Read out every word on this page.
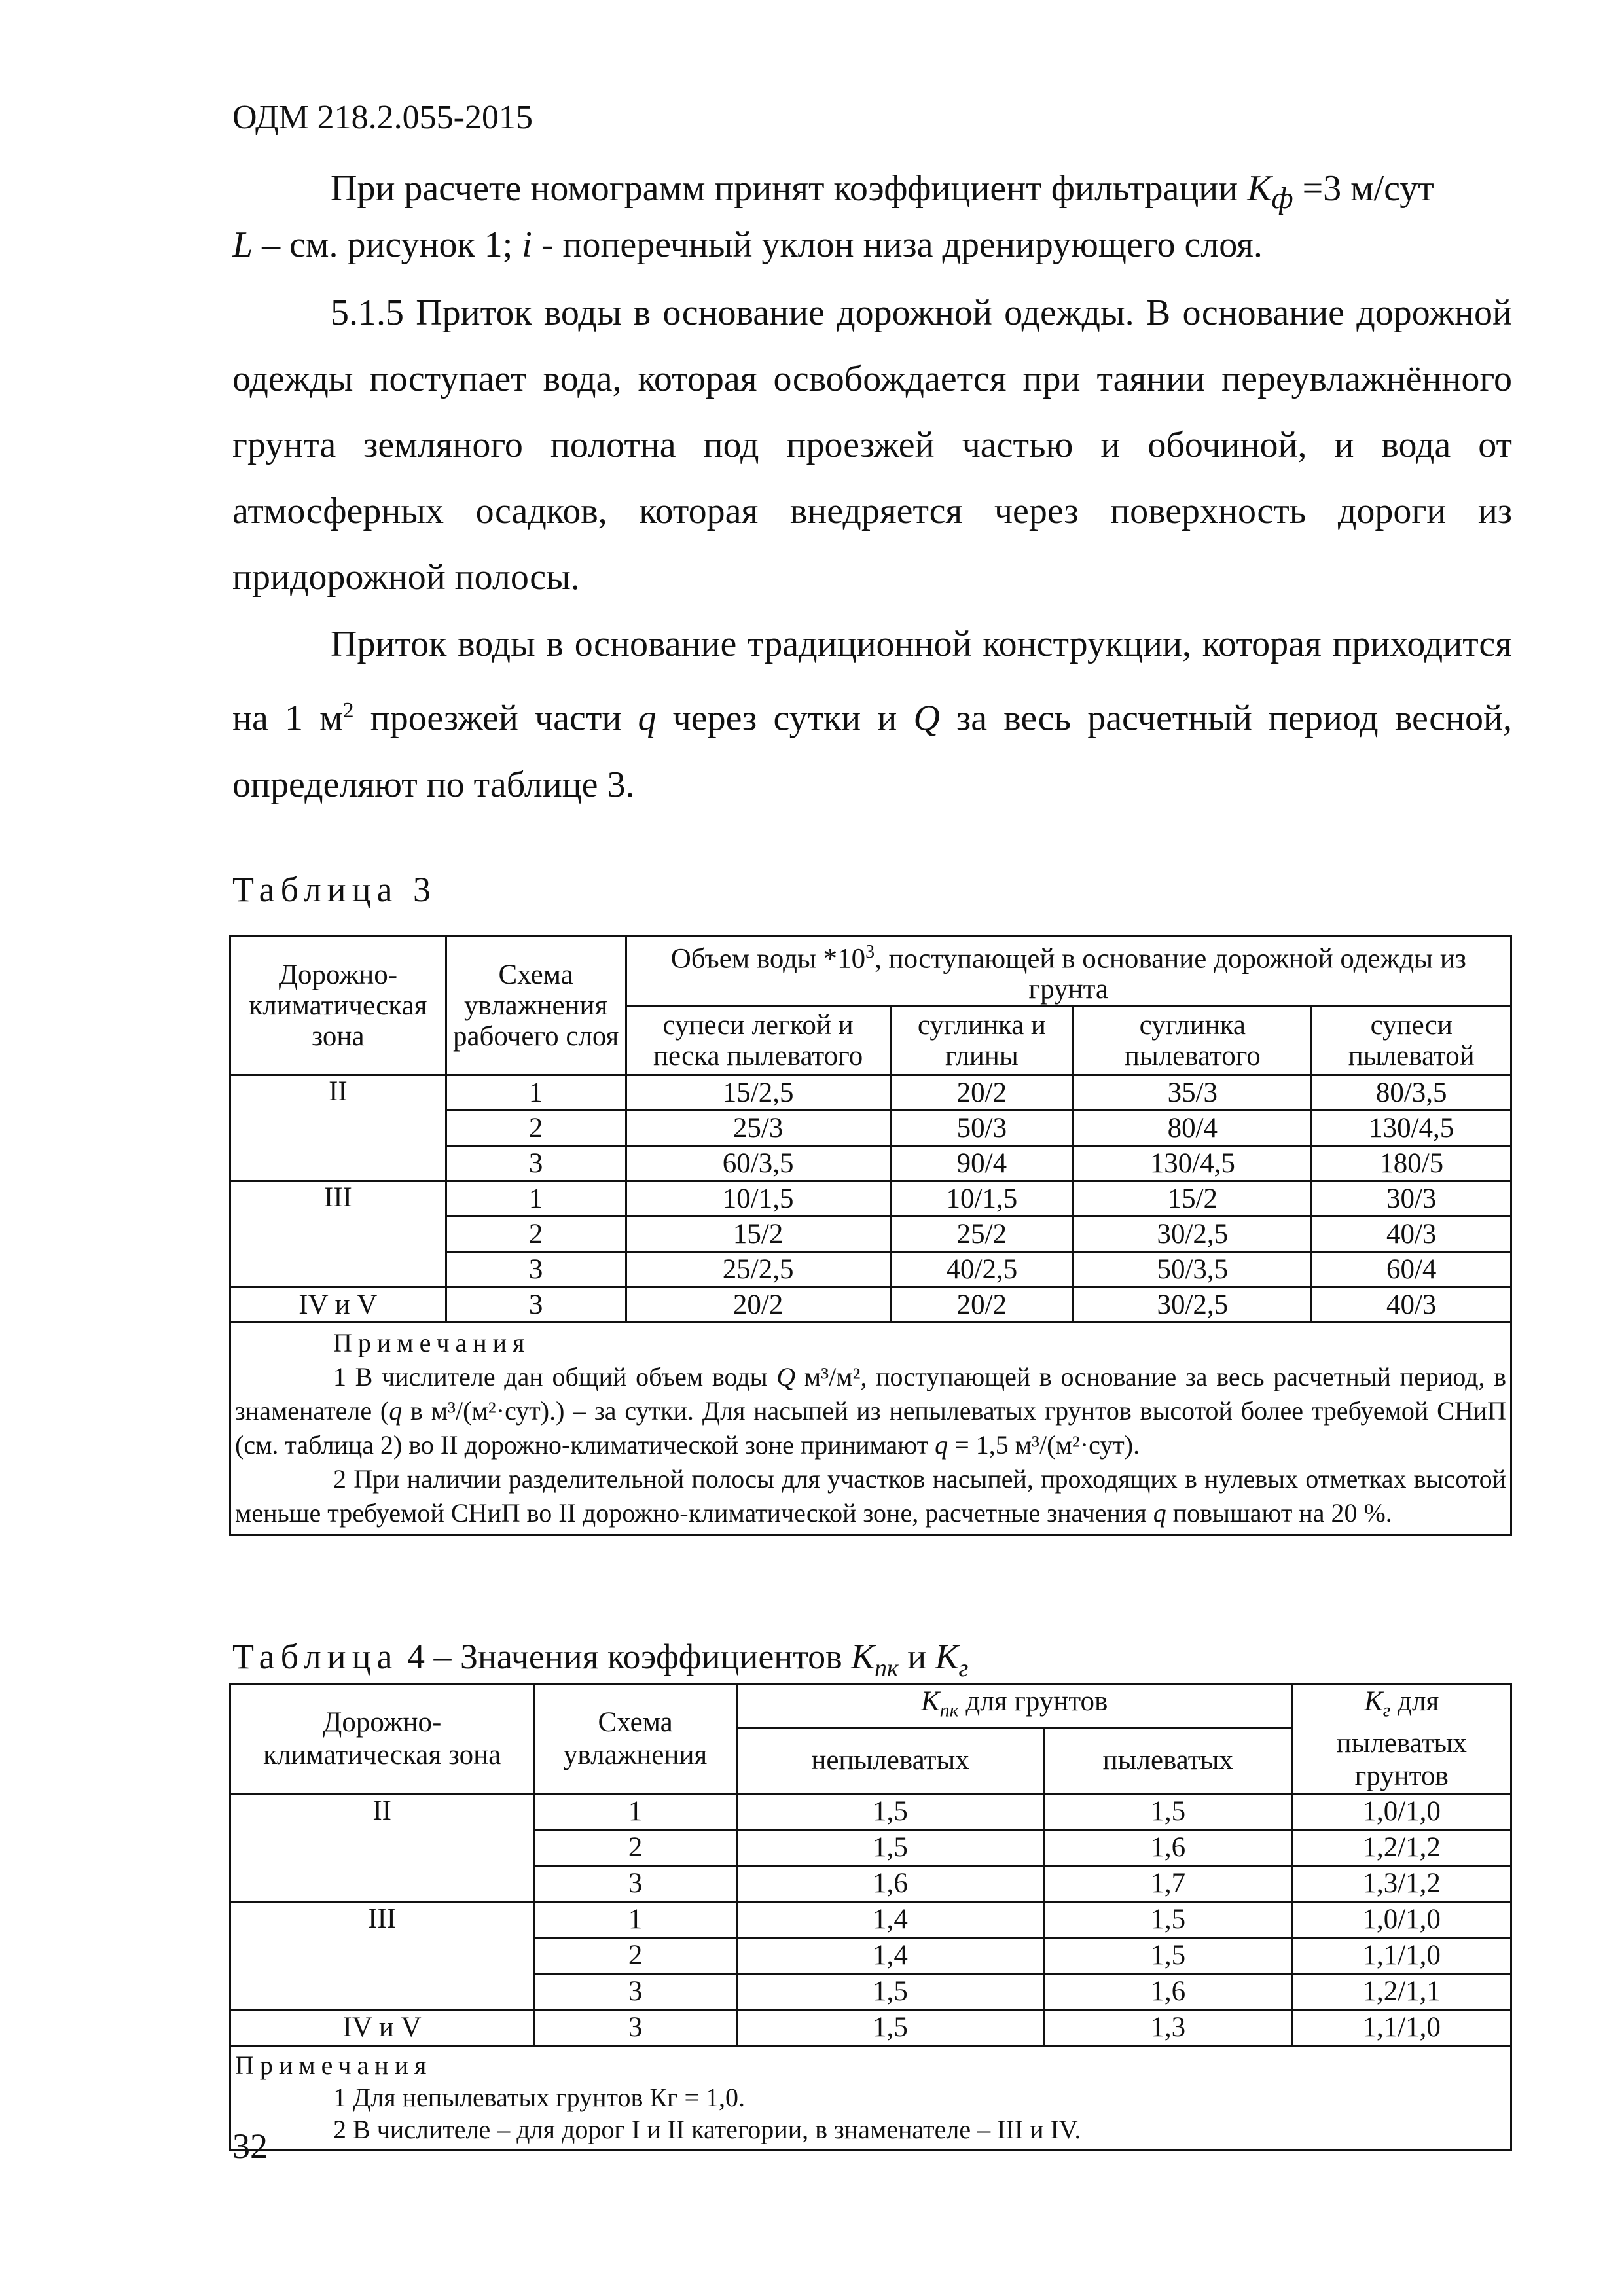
ОДМ 218.2.055-2015
При расчете номограмм принят коэффициент фильтрации $К_ф =3$ м/сут
L – см. рисунок 1; i - поперечный уклон низа дренирующего слоя.
5.1.5 Приток воды в основание дорожной одежды. В основание дорожной одежды поступает вода, которая освобождается при таянии переувлажнённого грунта земляного полотна под проезжей частью и обочиной, и вода от атмосферных осадков, которая внедряется через поверхность дороги из придорожной полосы.
Приток воды в основание традиционной конструкции, которая приходится на 1 $м^2$ проезжей части q через сутки и Q за весь расчетный период весной, определяют по таблице 3.
Таблица 3
Дорожно-климатическая зона	Схема увлажнения рабочего слоя	Объем воды $*10^3$, поступающей в основание дорожной одежды из грунта			
		супеси легкой и песка пылеватого	суглинка и глины	суглинка пылеватого	супеси пылеватой
II	1	15/2,5	20/2	35/3	80/3,5
	2	25/3	50/3	80/4	130/4,5
	3	60/3,5	90/4	130/4,5	180/5
III	1	10/1,5	10/1,5	15/2	30/3
	2	15/2	25/2	30/2,5	40/3
	3	25/2,5	40/2,5	50/3,5	60/4
IV и V	3	20/2	20/2	30/2,5	40/3

Примечания

1 В числителе дан общий объем воды Q м³/м², поступающей в основание за весь расчетный период, в знаменателе (q в м³/(м²·сут).) – за сутки. Для насыпей из непылеватых грунтов высотой более требуемой СНиП (см. таблица 2) во II дорожно-климатической зоне принимают q = 1,5 м³/(м²·сут).

2 При наличии разделительной полосы для участков насыпей, проходящих в нулевых отметках высотой меньше требуемой СНиП во II дорожно-климатической зоне, расчетные значения q повышают на 20 %.					

Таблица 4 – Значения коэффициентов $К_{пк}$ и $К_г$
Дорожно-климатическая зона	Схема увлажнения	$К_{пк}$ для грунтов		$К_г$ для пылеватых грунтов
		непылеватых	пылеватых	
II	1	1,5	1,5	1,0/1,0
	2	1,5	1,6	1,2/1,2
	3	1,6	1,7	1,3/1,2
III	1	1,4	1,5	1,0/1,0
	2	1,4	1,5	1,1/1,0
	3	1,5	1,6	1,2/1,1
IV и V	3	1,5	1,3	1,1/1,0

Примечания

1 Для непылеватых грунтов Кг = 1,0.

2 В числителе – для дорог I и II категории, в знаменателе – III и IV.				

32
